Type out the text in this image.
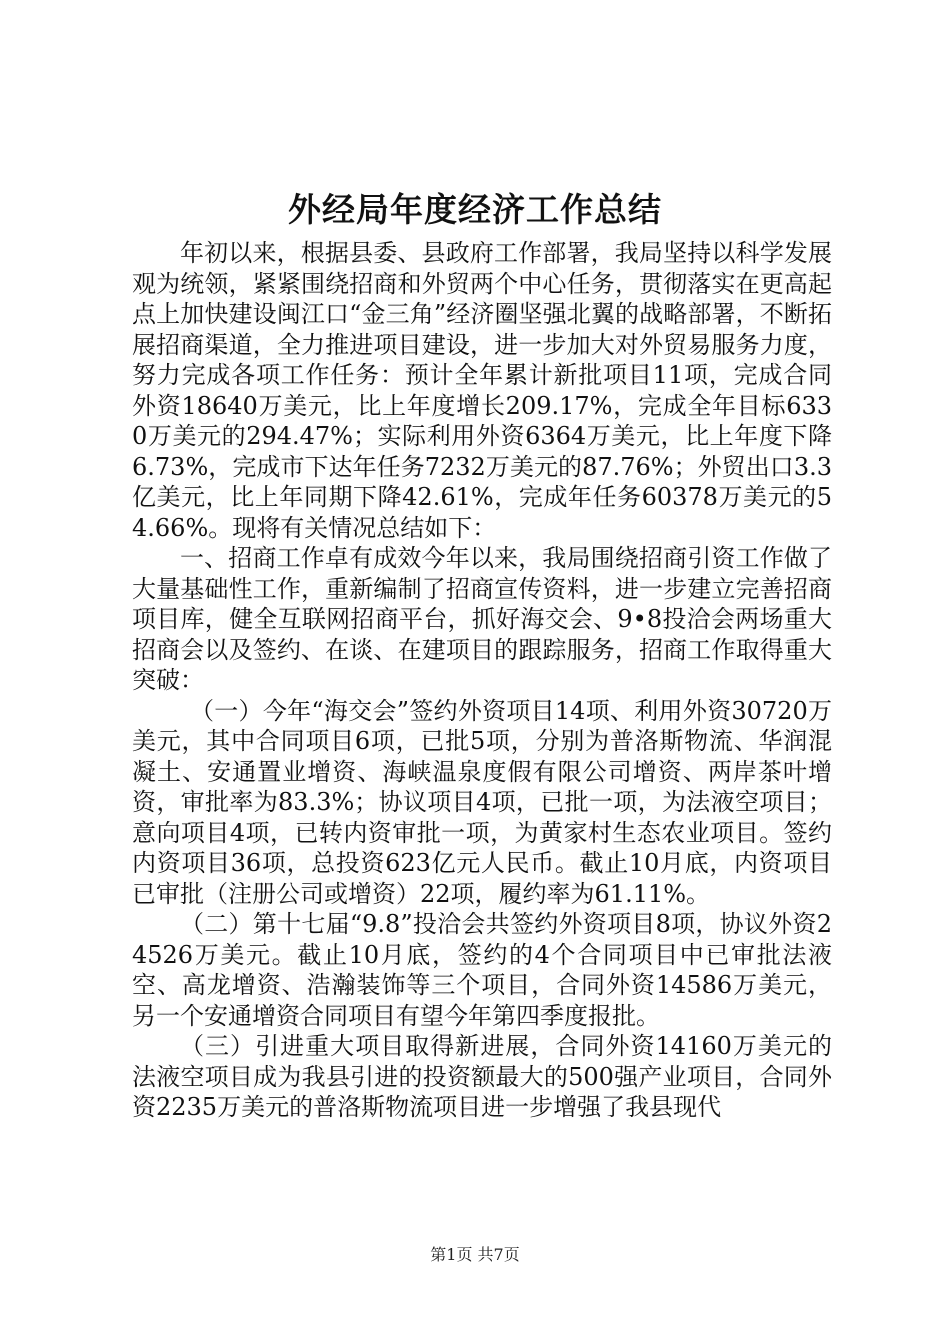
外经局年度经济工作总结

年初以来，根据县委、县政府工作部署，我局坚持以科学发展观为统领，紧紧围绕招商和外贸两个中心任务，贯彻落实在更高起点上加快建设闽江口“金三角”经济圈坚强北翼的战略部署，不断拓展招商渠道，全力推进项目建设，进一步加大对外贸易服务力度，努力完成各项工作任务：预计全年累计新批项目11项，完成合同外资18640万美元，比上年度增长209.17%，完成全年目标6330万美元的294.47%；实际利用外资6364万美元，比上年度下降6.73%，完成市下达年任务7232万美元的87.76%；外贸出口3.3亿美元，比上年同期下降42.61%，完成年任务60378万美元的54.66%。现将有关情况总结如下：

一、招商工作卓有成效今年以来，我局围绕招商引资工作做了大量基础性工作，重新编制了招商宣传资料，进一步建立完善招商项目库，健全互联网招商平台，抓好海交会、9•8投洽会两场重大招商会以及签约、在谈、在建项目的跟踪服务，招商工作取得重大突破：

（一）今年“海交会”签约外资项目14项、利用外资30720万美元，其中合同项目6项，已批5项，分别为普洛斯物流、华润混凝土、安通置业增资、海峡温泉度假有限公司增资、两岸茶叶增资，审批率为83.3%；协议项目4项，已批一项，为法液空项目；意向项目4项，已转内资审批一项，为黄家村生态农业项目。签约内资项目36项，总投资623亿元人民币。截止10月底，内资项目已审批（注册公司或增资）22项，履约率为61.11%。

（二）第十七届“9.8”投洽会共签约外资项目8项，协议外资24526万美元。截止10月底，签约的4个合同项目中已审批法液空、高龙增资、浩瀚装饰等三个项目，合同外资14586万美元，另一个安通增资合同项目有望今年第四季度报批。

（三）引进重大项目取得新进展，合同外资14160万美元的法液空项目成为我县引进的投资额最大的500强产业项目，合同外资2235万美元的普洛斯物流项目进一步增强了我县现代

第1页 共7页
